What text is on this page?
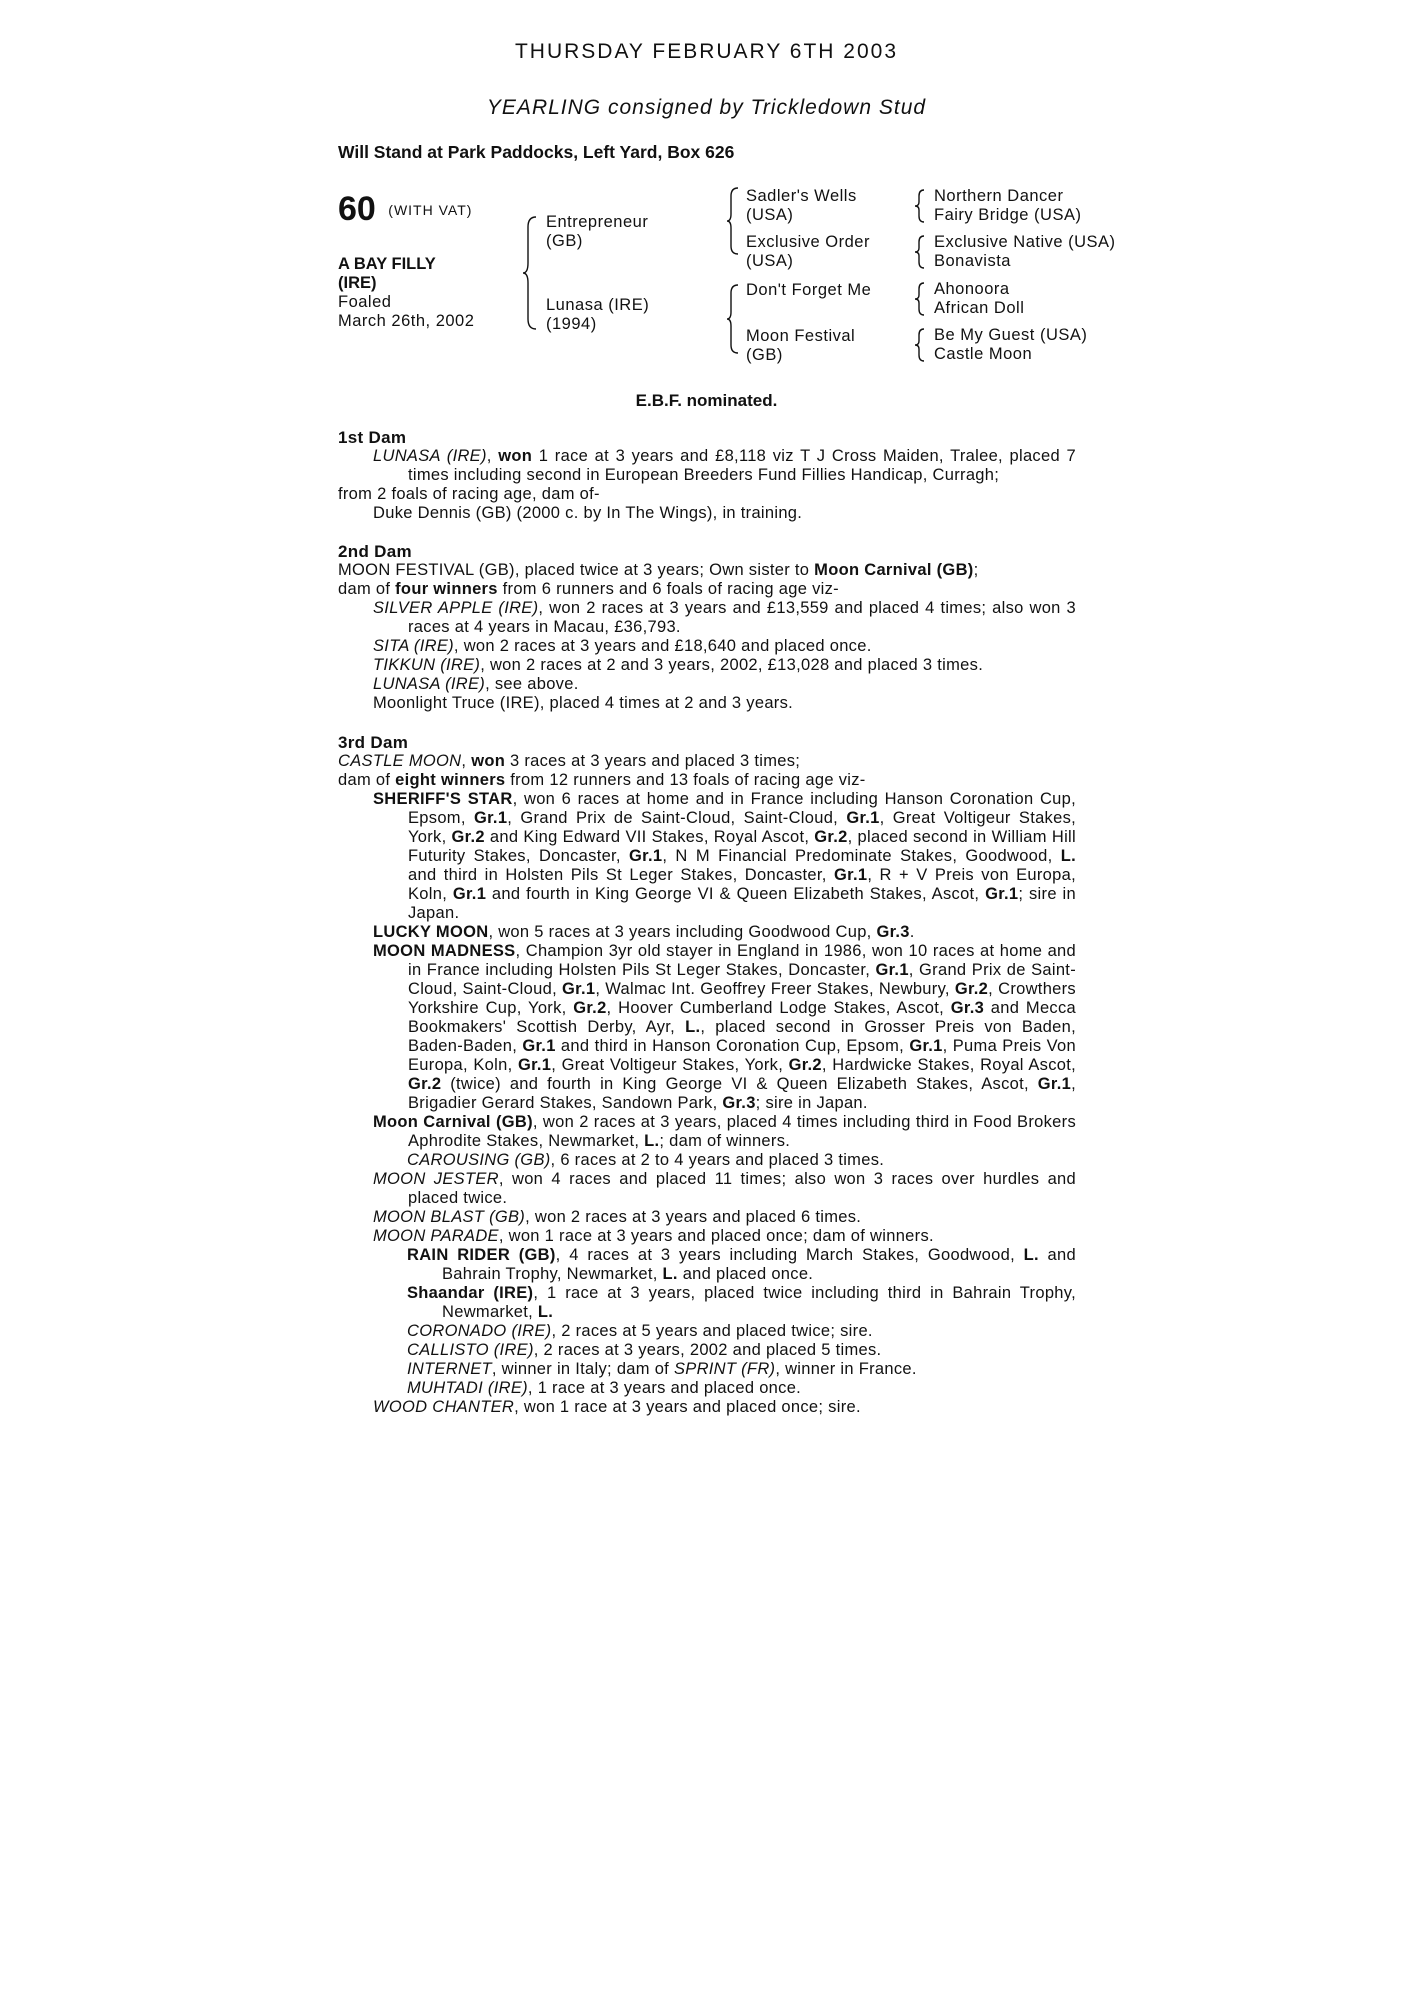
THURSDAY FEBRUARY 6TH 2003
YEARLING consigned by Trickledown Stud
Will Stand at Park Paddocks, Left Yard, Box 626
60 (WITH VAT)
A BAY FILLY
(IRE)
Foaled
March 26th, 2002
Entrepreneur
(GB)
Lunasa (IRE)
(1994)
Sadler's Wells
(USA)
Exclusive Order
(USA)
Don't Forget Me
Moon Festival
(GB)
Northern Dancer
Fairy Bridge (USA)
Exclusive Native (USA)
Bonavista
Ahonoora
African Doll
Be My Guest (USA)
Castle Moon
E.B.F. nominated.

1st Dam

LUNASA (IRE), won 1 race at 3 years and £8,118 viz T J Cross Maiden, Tralee, placed 7 times including second in European Breeders Fund Fillies Handicap, Curragh;

from 2 foals of racing age, dam of-

Duke Dennis (GB) (2000 c. by In The Wings), in training.

2nd Dam

MOON FESTIVAL (GB), placed twice at 3 years; Own sister to Moon Carnival (GB);

dam of four winners from 6 runners and 6 foals of racing age viz-

SILVER APPLE (IRE), won 2 races at 3 years and £13,559 and placed 4 times; also won 3 races at 4 years in Macau, £36,793.

SITA (IRE), won 2 races at 3 years and £18,640 and placed once.

TIKKUN (IRE), won 2 races at 2 and 3 years, 2002, £13,028 and placed 3 times.

LUNASA (IRE), see above.

Moonlight Truce (IRE), placed 4 times at 2 and 3 years.

3rd Dam

CASTLE MOON, won 3 races at 3 years and placed 3 times;

dam of eight winners from 12 runners and 13 foals of racing age viz-

SHERIFF'S STAR, won 6 races at home and in France including Hanson Coronation Cup, Epsom, Gr.1, Grand Prix de Saint-Cloud, Saint-Cloud, Gr.1, Great Voltigeur Stakes, York, Gr.2 and King Edward VII Stakes, Royal Ascot, Gr.2, placed second in William Hill Futurity Stakes, Doncaster, Gr.1, N M Financial Predominate Stakes, Goodwood, L. and third in Holsten Pils St Leger Stakes, Doncaster, Gr.1, R + V Preis von Europa, Koln, Gr.1 and fourth in King George VI & Queen Elizabeth Stakes, Ascot, Gr.1; sire in Japan.

LUCKY MOON, won 5 races at 3 years including Goodwood Cup, Gr.3.

MOON MADNESS, Champion 3yr old stayer in England in 1986, won 10 races at home and in France including Holsten Pils St Leger Stakes, Doncaster, Gr.1, Grand Prix de Saint-Cloud, Saint-Cloud, Gr.1, Walmac Int. Geoffrey Freer Stakes, Newbury, Gr.2, Crowthers Yorkshire Cup, York, Gr.2, Hoover Cumberland Lodge Stakes, Ascot, Gr.3 and Mecca Bookmakers' Scottish Derby, Ayr, L., placed second in Grosser Preis von Baden, Baden-Baden, Gr.1 and third in Hanson Coronation Cup, Epsom, Gr.1, Puma Preis Von Europa, Koln, Gr.1, Great Voltigeur Stakes, York, Gr.2, Hardwicke Stakes, Royal Ascot, Gr.2 (twice) and fourth in King George VI & Queen Elizabeth Stakes, Ascot, Gr.1, Brigadier Gerard Stakes, Sandown Park, Gr.3; sire in Japan.

Moon Carnival (GB), won 2 races at 3 years, placed 4 times including third in Food Brokers Aphrodite Stakes, Newmarket, L.; dam of winners.

CAROUSING (GB), 6 races at 2 to 4 years and placed 3 times.

MOON JESTER, won 4 races and placed 11 times; also won 3 races over hurdles and placed twice.

MOON BLAST (GB), won 2 races at 3 years and placed 6 times.

MOON PARADE, won 1 race at 3 years and placed once; dam of winners.

RAIN RIDER (GB), 4 races at 3 years including March Stakes, Goodwood, L. and Bahrain Trophy, Newmarket, L. and placed once.

Shaandar (IRE), 1 race at 3 years, placed twice including third in Bahrain Trophy, Newmarket, L.

CORONADO (IRE), 2 races at 5 years and placed twice; sire.

CALLISTO (IRE), 2 races at 3 years, 2002 and placed 5 times.

INTERNET, winner in Italy; dam of SPRINT (FR), winner in France.

MUHTADI (IRE), 1 race at 3 years and placed once.

WOOD CHANTER, won 1 race at 3 years and placed once; sire.
